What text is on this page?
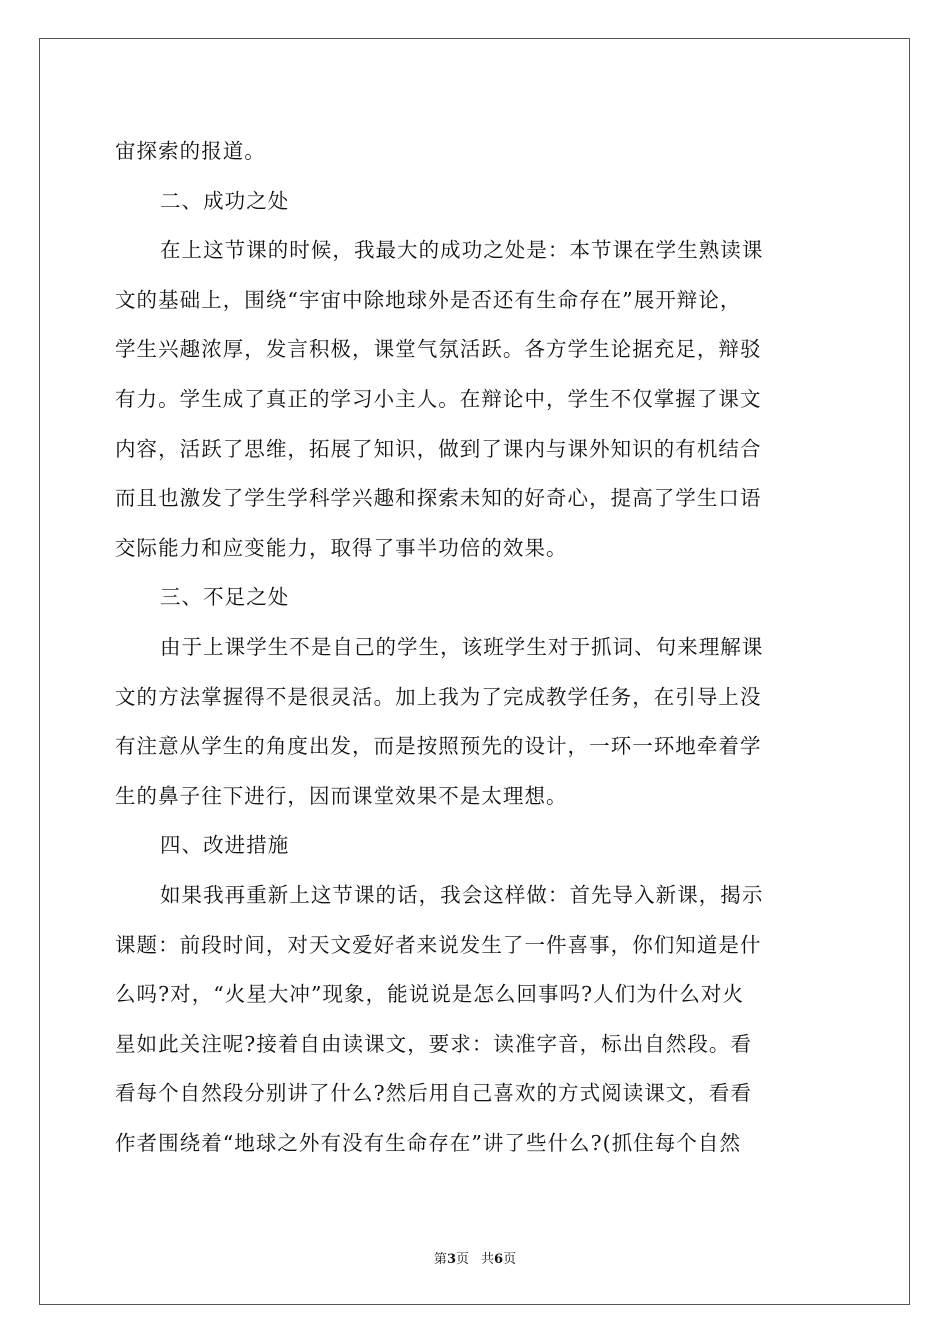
宙探索的报道。
二、成功之处
在上这节课的时候，我最大的成功之处是：本节课在学生熟读课
文的基础上，围绕“宇宙中除地球外是否还有生命存在”展开辩论，
学生兴趣浓厚，发言积极，课堂气氛活跃。各方学生论据充足，辩驳
有力。学生成了真正的学习小主人。在辩论中，学生不仅掌握了课文
内容，活跃了思维，拓展了知识，做到了课内与课外知识的有机结合
而且也激发了学生学科学兴趣和探索未知的好奇心，提高了学生口语
交际能力和应变能力，取得了事半功倍的效果。
三、不足之处
由于上课学生不是自己的学生，该班学生对于抓词、句来理解课
文的方法掌握得不是很灵活。加上我为了完成教学任务，在引导上没
有注意从学生的角度出发，而是按照预先的设计，一环一环地牵着学
生的鼻子往下进行，因而课堂效果不是太理想。
四、改进措施
如果我再重新上这节课的话，我会这样做：首先导入新课，揭示
课题：前段时间，对天文爱好者来说发生了一件喜事，你们知道是什
么吗?对，“火星大冲”现象，能说说是怎么回事吗?人们为什么对火
星如此关注呢?接着自由读课文，要求：读准字音，标出自然段。看
看每个自然段分别讲了什么?然后用自己喜欢的方式阅读课文，看看
作者围绕着“地球之外有没有生命存在”讲了些什么?(抓住每个自然
第3页 共6页
